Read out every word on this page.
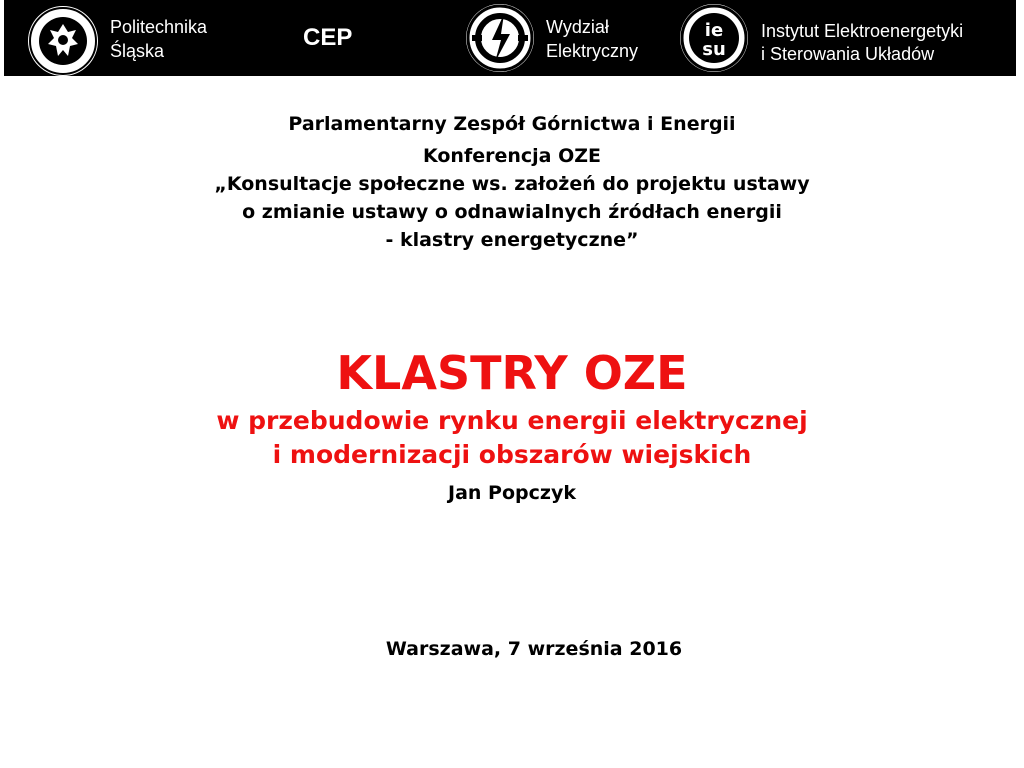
Politechnika
Śląska	CEP	Wydział
Elektryczny
ie
su
Instytut Elektroenergetyki
i Sterowania Układów
Parlamentarny Zespół Górnictwa i Energii
Konferencja OZE
„Konsultacje społeczne ws. założeń do projektu ustawy
o zmianie ustawy o odnawialnych źródłach energii
- klastry energetyczne”
KLASTRY OZE
w przebudowie rynku energii elektrycznej
i modernizacji obszarów wiejskich
Jan Popczyk
Warszawa, 7 września 2016
